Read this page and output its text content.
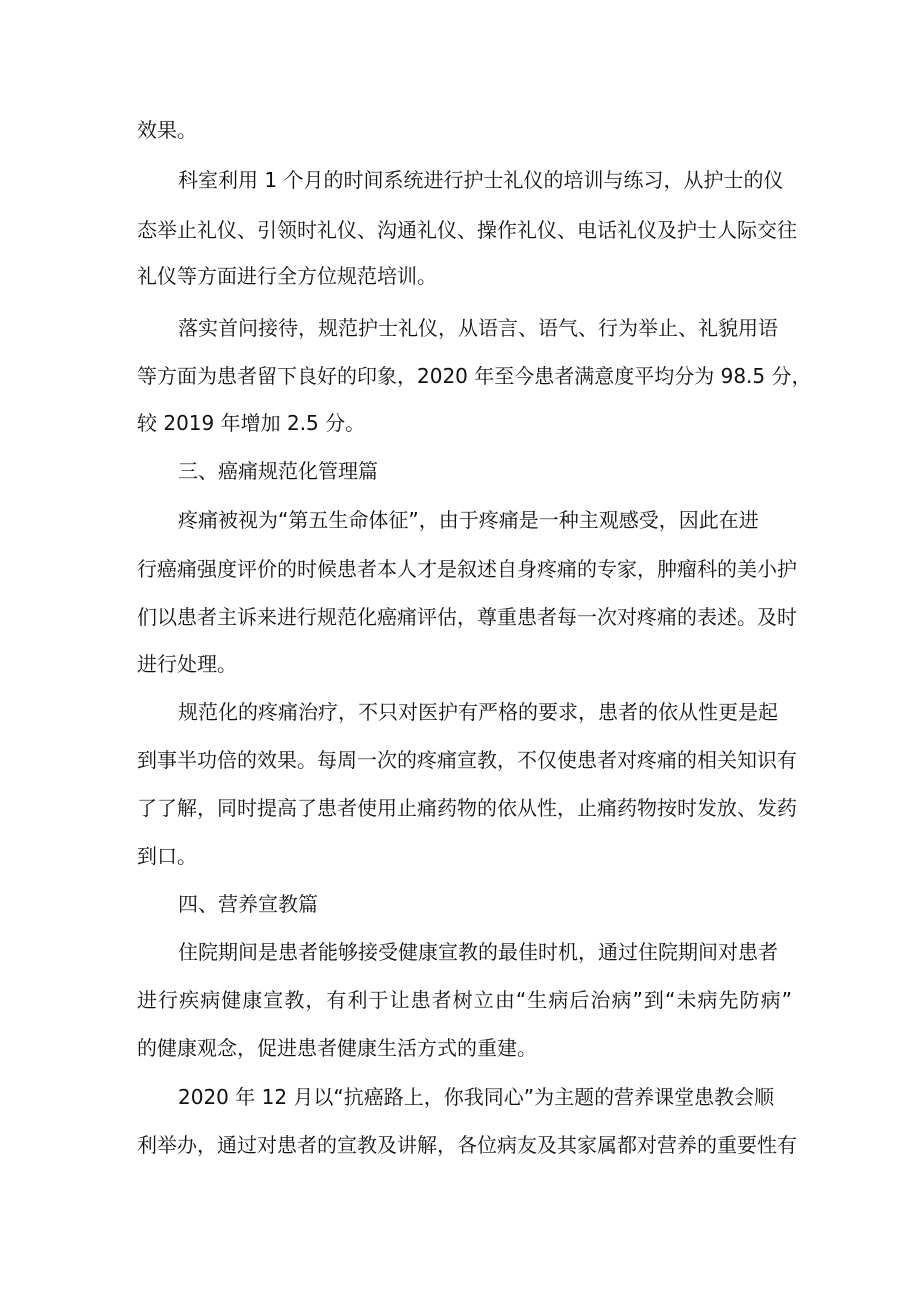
效果。

科室利用 1 个月的时间系统进行护士礼仪的培训与练习，从护士的仪

态举止礼仪、引领时礼仪、沟通礼仪、操作礼仪、电话礼仪及护士人际交往

礼仪等方面进行全方位规范培训。

落实首问接待，规范护士礼仪，从语言、语气、行为举止、礼貌用语

等方面为患者留下良好的印象，2020 年至今患者满意度平均分为 98.5 分，

较 2019 年增加 2.5 分。

三、癌痛规范化管理篇

疼痛被视为“第五生命体征”，由于疼痛是一种主观感受，因此在进

行癌痛强度评价的时候患者本人才是叙述自身疼痛的专家，肿瘤科的美小护

们以患者主诉来进行规范化癌痛评估，尊重患者每一次对疼痛的表述。及时

进行处理。

规范化的疼痛治疗，不只对医护有严格的要求，患者的依从性更是起

到事半功倍的效果。每周一次的疼痛宣教，不仅使患者对疼痛的相关知识有

了了解，同时提高了患者使用止痛药物的依从性，止痛药物按时发放、发药

到口。

四、营养宣教篇

住院期间是患者能够接受健康宣教的最佳时机，通过住院期间对患者

进行疾病健康宣教，有利于让患者树立由“生病后治病”到“未病先防病”

的健康观念，促进患者健康生活方式的重建。

2020 年 12 月以“抗癌路上，你我同心”为主题的营养课堂患教会顺

利举办，通过对患者的宣教及讲解，各位病友及其家属都对营养的重要性有
